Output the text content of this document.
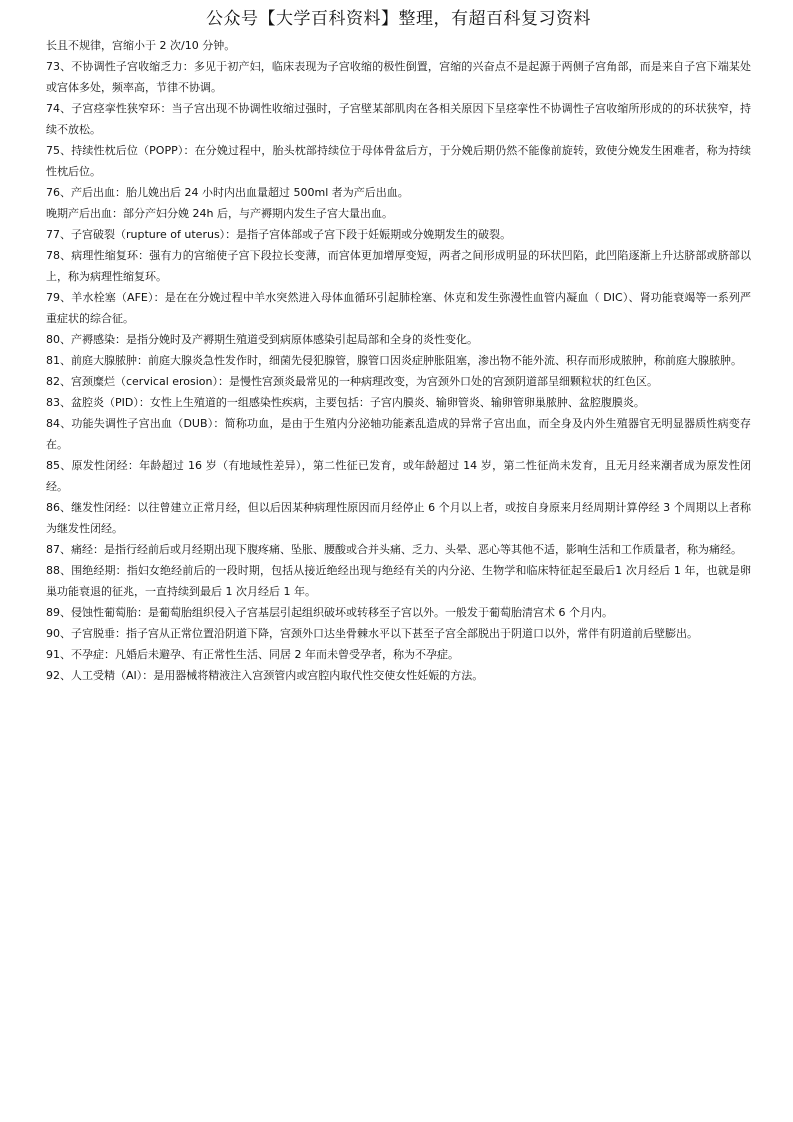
公众号【大学百科资料】整理，有超百科复习资料

长且不规律，宫缩小于 2 次/10 分钟。

73、不协调性子宫收缩乏力：多见于初产妇，临床表现为子宫收缩的极性倒置，宫缩的兴奋点不是起源于两侧子宫角部，而是来自子宫下端某处或宫体多处，频率高，节律不协调。

74、子宫痉挛性狭窄环：当子宫出现不协调性收缩过强时，子宫壁某部肌肉在各相关原因下呈痉挛性不协调性子宫收缩所形成的的环状狭窄，持续不放松。

75、持续性枕后位（POPP）：在分娩过程中，胎头枕部持续位于母体骨盆后方，于分娩后期仍然不能像前旋转，致使分娩发生困难者，称为持续性枕后位。

76、产后出血：胎儿娩出后 24 小时内出血量超过 500ml 者为产后出血。

晚期产后出血：部分产妇分娩 24h 后，与产褥期内发生子宫大量出血。

77、子宫破裂（rupture of uterus）：是指子宫体部或子宫下段于妊娠期或分娩期发生的破裂。

78、病理性缩复环：强有力的宫缩使子宫下段拉长变薄，而宫体更加增厚变短，两者之间形成明显的环状凹陷，此凹陷逐渐上升达脐部或脐部以上，称为病理性缩复环。

79、羊水栓塞（AFE）：是在在分娩过程中羊水突然进入母体血循环引起肺栓塞、休克和发生弥漫性血管内凝血（ DIC）、肾功能衰竭等一系列严重症状的综合征。

80、产褥感染：是指分娩时及产褥期生殖道受到病原体感染引起局部和全身的炎性变化。

81、前庭大腺脓肿：前庭大腺炎急性发作时，细菌先侵犯腺管，腺管口因炎症肿胀阻塞，渗出物不能外流、积存而形成脓肿，称前庭大腺脓肿。

82、宫颈糜烂（cervical erosion）：是慢性宫颈炎最常见的一种病理改变，为宫颈外口处的宫颈阴道部呈细颗粒状的红色区。

83、盆腔炎（PID）：女性上生殖道的一组感染性疾病，主要包括：子宫内膜炎、输卵管炎、输卵管卵巢脓肿、盆腔腹膜炎。

84、功能失调性子宫出血（DUB）：简称功血，是由于生殖内分泌轴功能紊乱造成的异常子宫出血，而全身及内外生殖器官无明显器质性病变存在。

85、原发性闭经：年龄超过 16 岁（有地域性差异），第二性征已发育，或年龄超过 14 岁，第二性征尚未发育，且无月经来潮者成为原发性闭经。

86、继发性闭经：以往曾建立正常月经，但以后因某种病理性原因而月经停止 6 个月以上者，或按自身原来月经周期计算停经 3 个周期以上者称为继发性闭经。

87、痛经：是指行经前后或月经期出现下腹疼痛、坠胀、腰酸或合并头痛、乏力、头晕、恶心等其他不适，影响生活和工作质量者，称为痛经。

88、围绝经期：指妇女绝经前后的一段时期，包括从接近绝经出现与绝经有关的内分泌、生物学和临床特征起至最后1 次月经后 1 年，也就是卵巢功能衰退的征兆，一直持续到最后 1 次月经后 1 年。

89、侵蚀性葡萄胎：是葡萄胎组织侵入子宫基层引起组织破坏或转移至子宫以外。一般发于葡萄胎清宫术 6 个月内。

90、子宫脱垂：指子宫从正常位置沿阴道下降，宫颈外口达坐骨棘水平以下甚至子宫全部脱出于阴道口以外，常伴有阴道前后壁膨出。

91、不孕症：凡婚后未避孕、有正常性生活、同居 2 年而未曾受孕者，称为不孕症。

92、人工受精（AI）：是用器械将精液注入宫颈管内或宫腔内取代性交使女性妊娠的方法。
